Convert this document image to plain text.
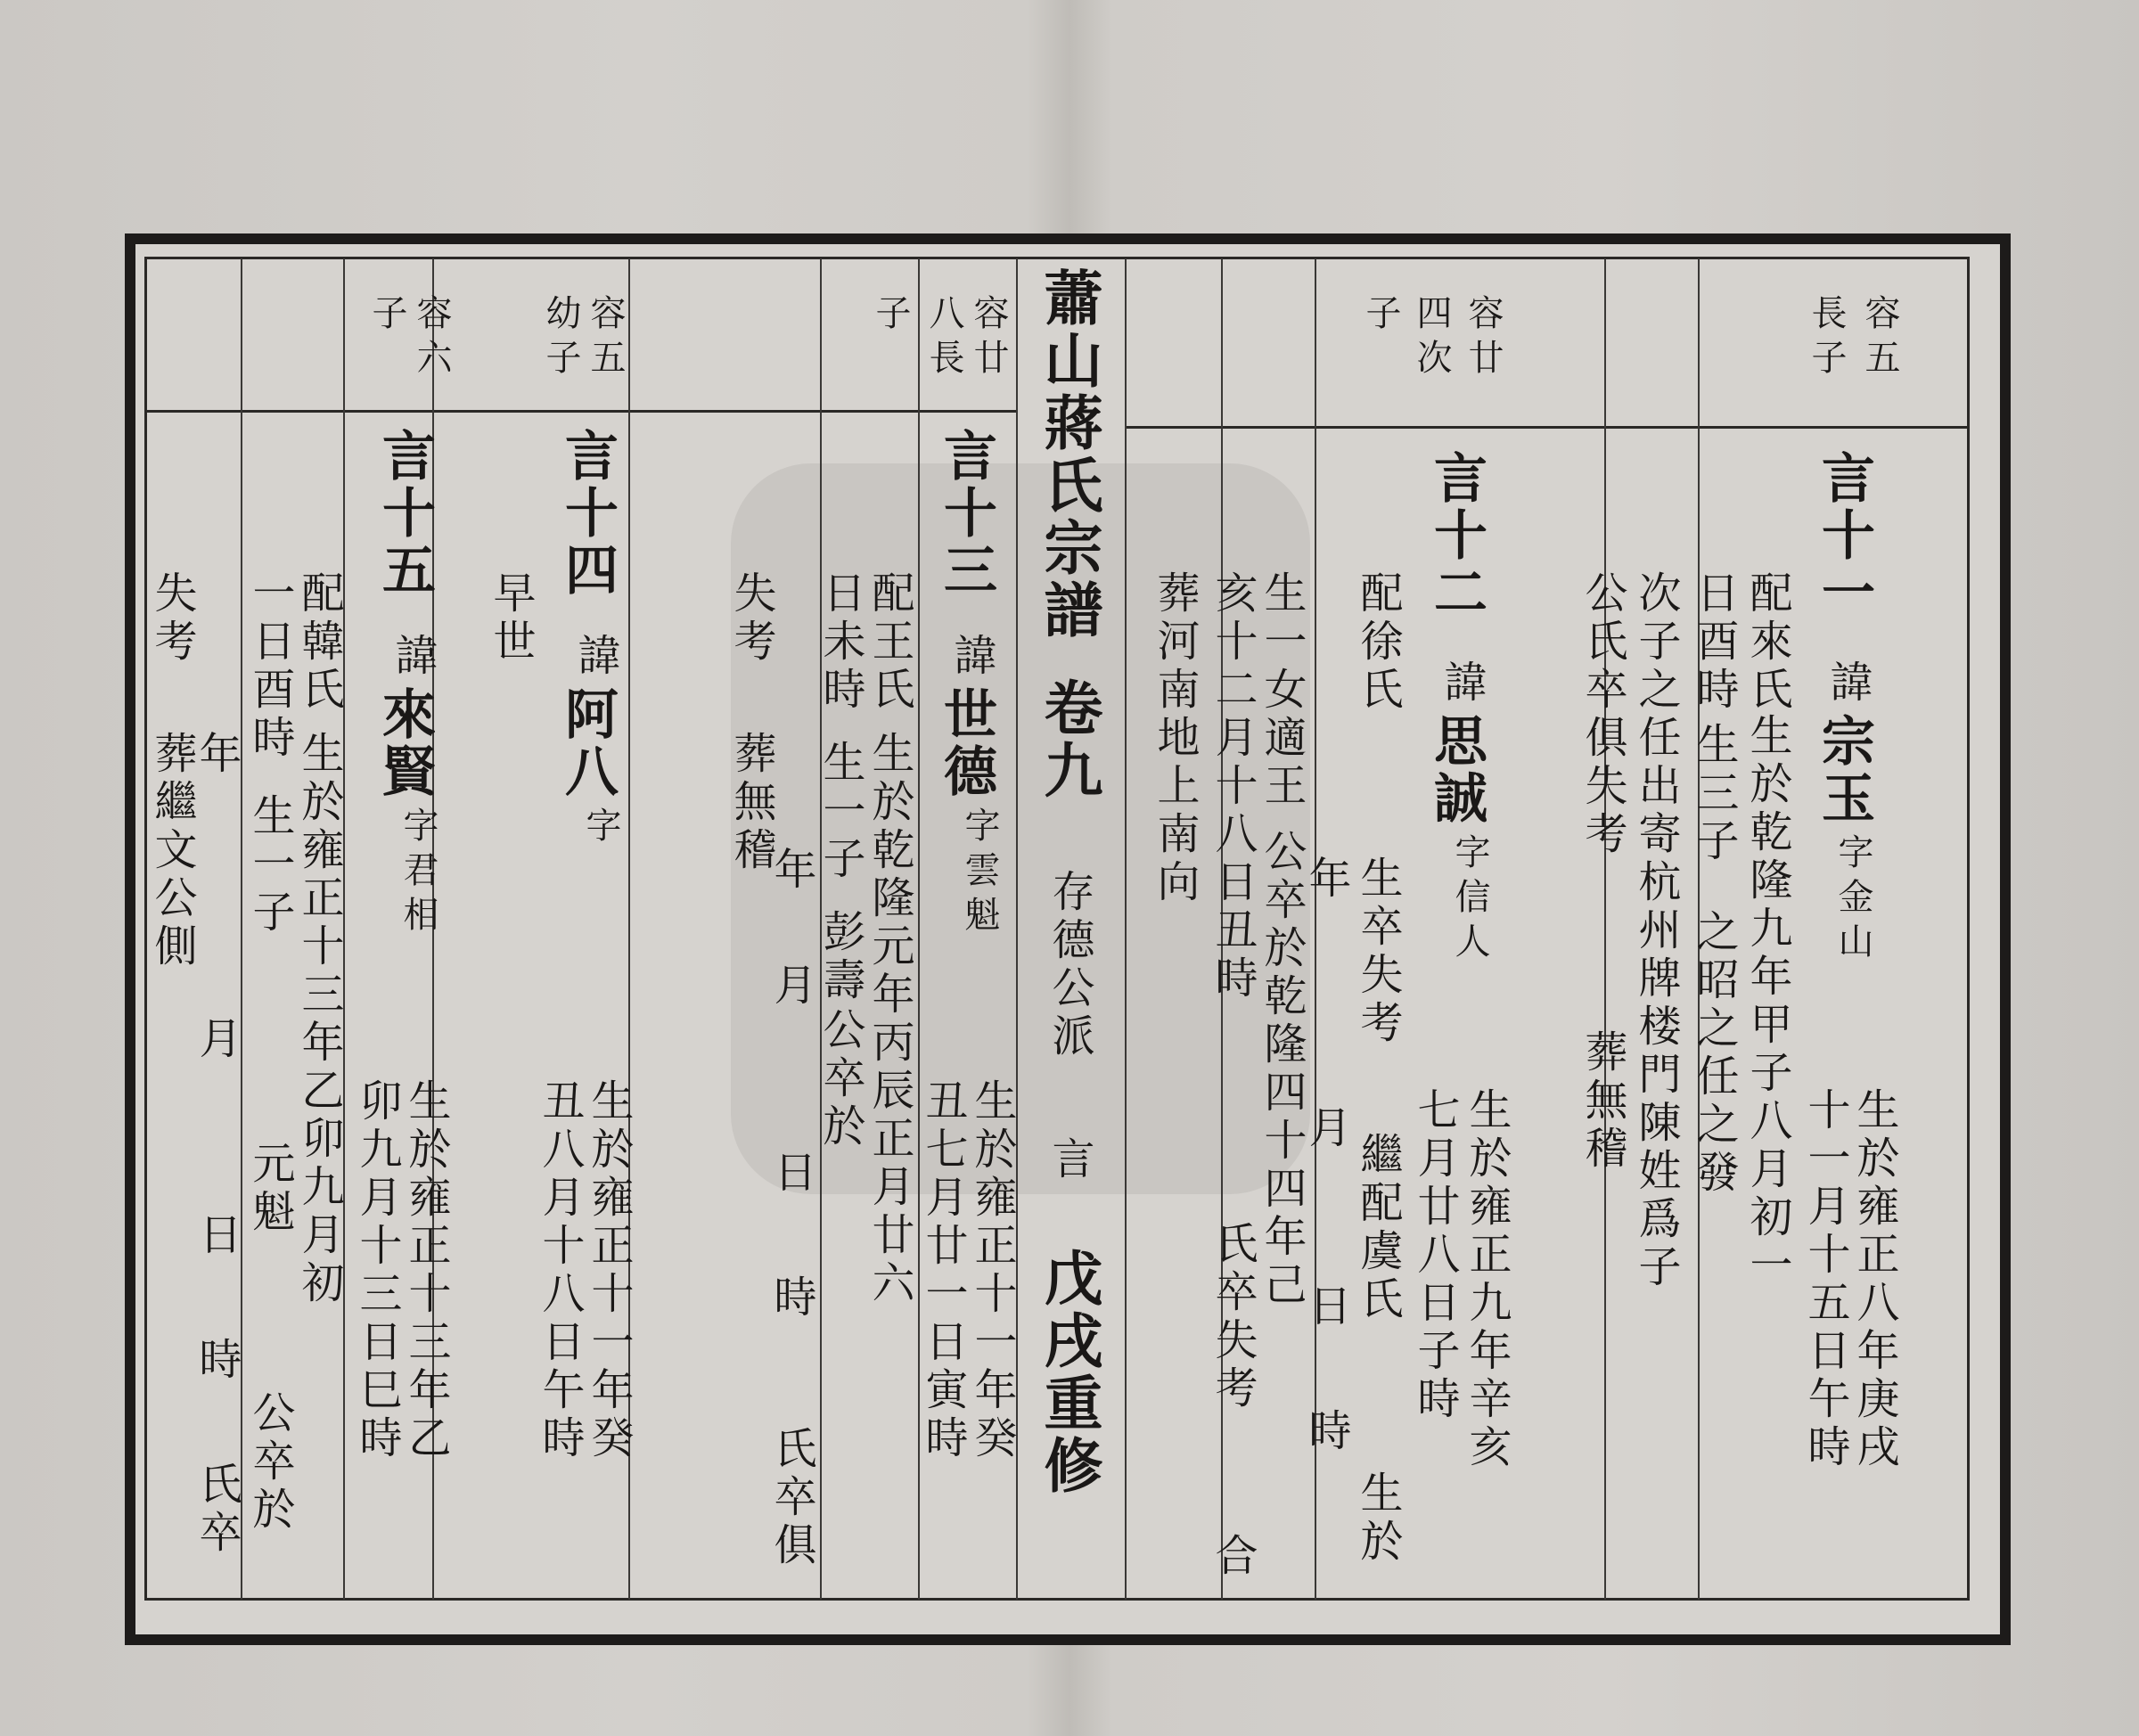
蕭山蔣氏宗譜
卷九
存德公派
言
戊戌重修
容五
長子
言十一
諱
宗玉
字金山
生於雍正八年庚戌
十一月十五日午時
配來氏
生於乾隆九年甲子八月初一
日酉時
生三子
之昭之任之發
次子之任出寄杭州牌楼門陳姓爲子
公氏卒俱失考
葬無稽
容廿
四次
子
言十二
諱
思誠
字信人
生於雍正九年辛亥
七月廿八日子時
配徐氏
生卒失考
繼配虞氏
生於
年
月
日
時
生一女適王
公卒於乾隆四十四年己
亥十二月十八日丑時
氏卒失考
合
葬河南地上南向
容廿
八長
子
言十三
諱
世德
字雲魁
生於雍正十一年癸
丑七月廿一日寅時
配王氏
生於乾隆元年丙辰正月廿六
日未時
生一子
彭壽
公卒於
年
月
日
時
氏卒俱
失考
葬無稽
容五
幼子
言十四
諱
阿八
字
生於雍正十一年癸
丑八月十八日午時
早世
容六
子
言十五
諱
來賢
字君相
生於雍正十三年乙
卯九月十三日巳時
配韓氏
生於雍正十三年乙卯九月初
一日酉時
生一子
元魁
公卒於
年
月
日
時
氏卒
失考
葬繼文公側
